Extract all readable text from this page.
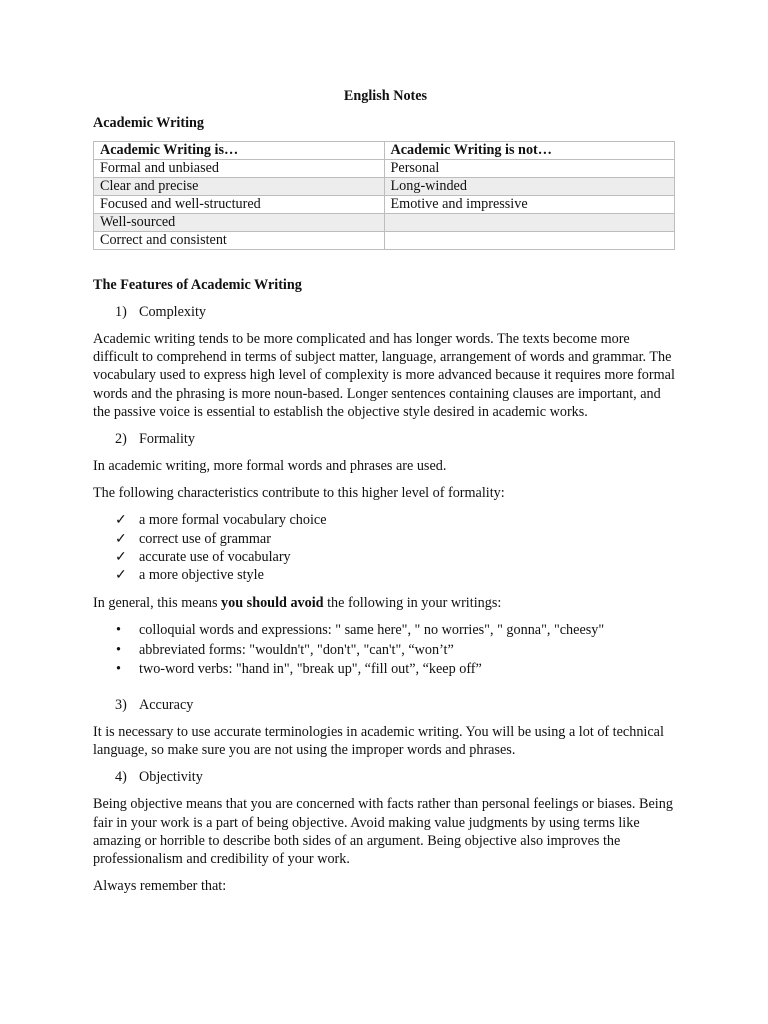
English Notes
Academic Writing
Academic Writing is…	Academic Writing is not…
Formal and unbiased	Personal
Clear and precise	Long-winded
Focused and well-structured	Emotive and impressive
Well-sourced	
Correct and consistent	
The Features of Academic Writing
1) Complexity
Academic writing tends to be more complicated and has longer words. The texts become more difficult to comprehend in terms of subject matter, language, arrangement of words and grammar. The vocabulary used to express high level of complexity is more advanced because it requires more formal words and the phrasing is more noun-based. Longer sentences containing clauses are important, and the passive voice is essential to establish the objective style desired in academic works.
2) Formality
In academic writing, more formal words and phrases are used.
The following characteristics contribute to this higher level of formality:
✓ a more formal vocabulary choice
✓ correct use of grammar
✓ accurate use of vocabulary
✓ a more objective style
In general, this means you should avoid the following in your writings:
•	colloquial words and expressions: " same here", " no worries", " gonna", "cheesy"
•	abbreviated forms: "wouldn't", "don't", "can't", “won’t”
•	two-word verbs: "hand in", "break up", “fill out”, “keep off”
3) Accuracy
It is necessary to use accurate terminologies in academic writing. You will be using a lot of technical language, so make sure you are not using the improper words and phrases.
4) Objectivity
Being objective means that you are concerned with facts rather than personal feelings or biases. Being fair in your work is a part of being objective. Avoid making value judgments by using terms like amazing or horrible to describe both sides of an argument. Being objective also improves the professionalism and credibility of your work.
Always remember that:
